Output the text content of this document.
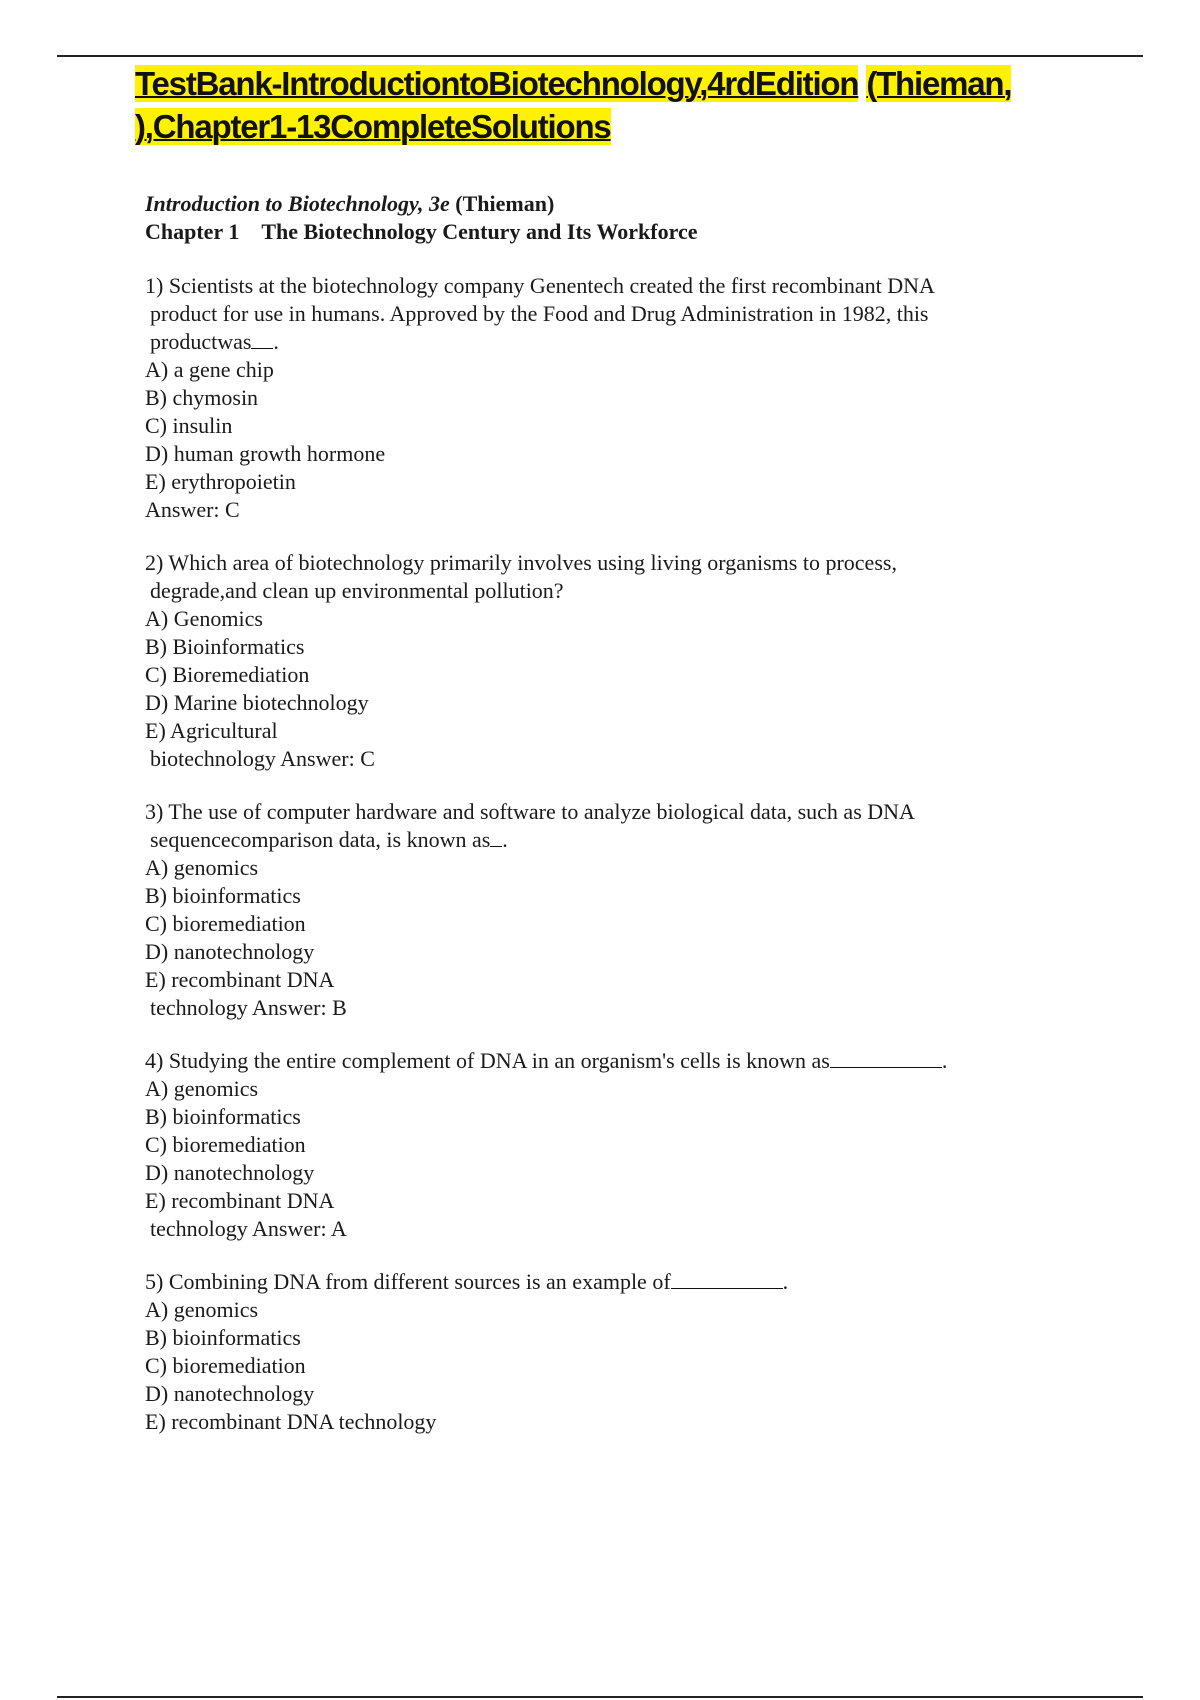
TestBank-IntroductiontoBiotechnology,4rdEdition (Thieman,
),Chapter1-13CompleteSolutions
Introduction to Biotechnology, 3e (Thieman)
Chapter 1 The Biotechnology Century and Its Workforce
1) Scientists at the biotechnology company Genentech created the first recombinant DNA
product for use in humans. Approved by the Food and Drug Administration in 1982, this
productwas .
A) a gene chip
B) chymosin
C) insulin
D) human growth hormone
E) erythropoietin
Answer: C
2) Which area of biotechnology primarily involves using living organisms to process,
degrade,and clean up environmental pollution?
A) Genomics
B) Bioinformatics
C) Bioremediation
D) Marine biotechnology
E) Agricultural
biotechnology Answer: C
3) The use of computer hardware and software to analyze biological data, such as DNA
sequencecomparison data, is known as .
A) genomics
B) bioinformatics
C) bioremediation
D) nanotechnology
E) recombinant DNA
technology Answer: B
4) Studying the entire complement of DNA in an organism's cells is known as	.
A) genomics
B) bioinformatics
C) bioremediation
D) nanotechnology
E) recombinant DNA
technology Answer: A
5) Combining DNA from different sources is an example of	.
A) genomics
B) bioinformatics
C) bioremediation
D) nanotechnology
E) recombinant DNA technology
